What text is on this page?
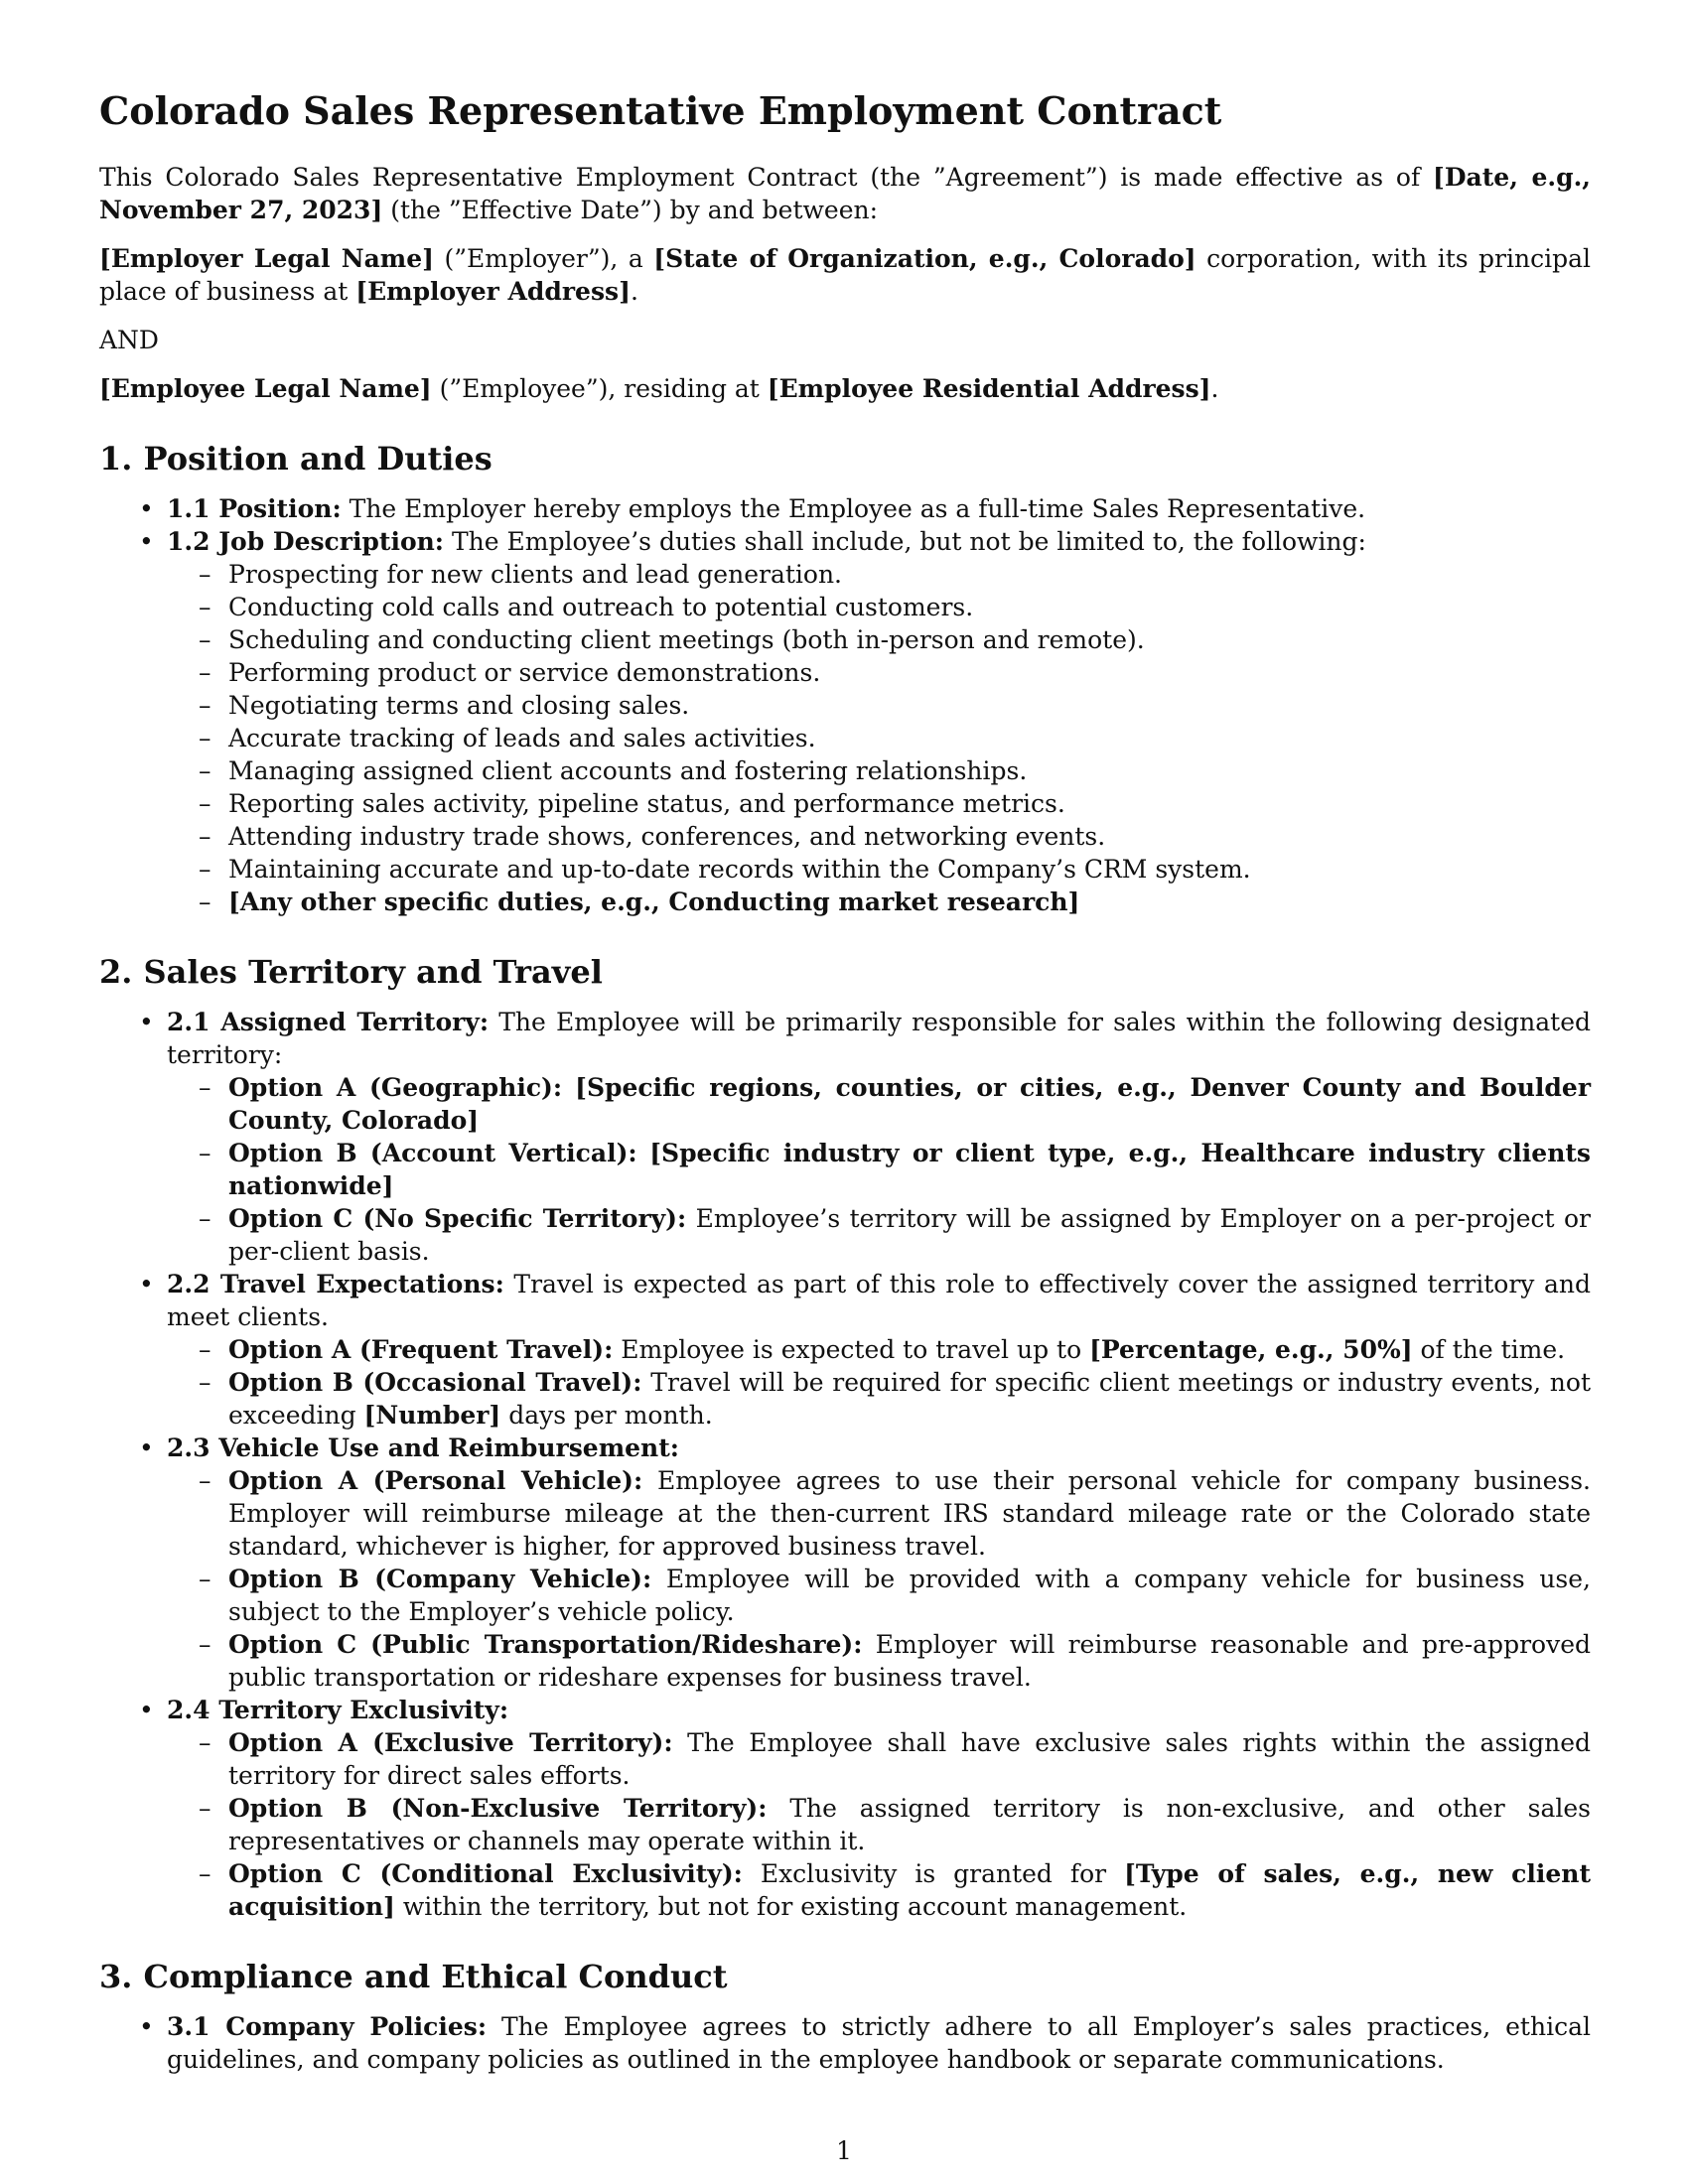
Colorado Sales Representative Employment Contract

This Colorado Sales Representative Employment Contract (the ”Agreement”) is made effective as of [Date, e.g., November 27, 2023] (the ”Effective Date”) by and between:

[Employer Legal Name] (”Employer”), a [State of Organization, e.g., Colorado] corporation, with its principal place of business at [Employer Address].

AND

[Employee Legal Name] (”Employee”), residing at [Employee Residential Address].

1. Position and Duties
• 1.1 Position: The Employer hereby employs the Employee as a full-time Sales Representative.
• 1.2 Job Description: The Employee’s duties shall include, but not be limited to, the following:
– Prospecting for new clients and lead generation.
– Conducting cold calls and outreach to potential customers.
– Scheduling and conducting client meetings (both in-person and remote).
– Performing product or service demonstrations.
– Negotiating terms and closing sales.
– Accurate tracking of leads and sales activities.
– Managing assigned client accounts and fostering relationships.
– Reporting sales activity, pipeline status, and performance metrics.
– Attending industry trade shows, conferences, and networking events.
– Maintaining accurate and up-to-date records within the Company’s CRM system.
– [Any other specific duties, e.g., Conducting market research]
2. Sales Territory and Travel
• 2.1 Assigned Territory: The Employee will be primarily responsible for sales within the following designated territory:
– Option A (Geographic): [Specific regions, counties, or cities, e.g., Denver County and Boulder County, Colorado]
– Option B (Account Vertical): [Specific industry or client type, e.g., Healthcare industry clients nationwide]
– Option C (No Specific Territory): Employee’s territory will be assigned by Employer on a per-project or per-client basis.
• 2.2 Travel Expectations: Travel is expected as part of this role to effectively cover the assigned territory and meet clients.
– Option A (Frequent Travel): Employee is expected to travel up to [Percentage, e.g., 50%] of the time.
– Option B (Occasional Travel): Travel will be required for specific client meetings or industry events, not exceeding [Number] days per month.
• 2.3 Vehicle Use and Reimbursement:
– Option A (Personal Vehicle): Employee agrees to use their personal vehicle for company business. Employer will reimburse mileage at the then-current IRS standard mileage rate or the Colorado state standard, whichever is higher, for approved business travel.
– Option B (Company Vehicle): Employee will be provided with a company vehicle for business use, subject to the Employer’s vehicle policy.
– Option C (Public Transportation/Rideshare): Employer will reimburse reasonable and pre-approved public transportation or rideshare expenses for business travel.
• 2.4 Territory Exclusivity:
– Option A (Exclusive Territory): The Employee shall have exclusive sales rights within the assigned territory for direct sales efforts.
– Option B (Non-Exclusive Territory): The assigned territory is non-exclusive, and other sales representatives or channels may operate within it.
– Option C (Conditional Exclusivity): Exclusivity is granted for [Type of sales, e.g., new client acquisition] within the territory, but not for existing account management.
3. Compliance and Ethical Conduct
• 3.1 Company Policies: The Employee agrees to strictly adhere to all Employer’s sales practices, ethical guidelines, and company policies as outlined in the employee handbook or separate communications.
1
